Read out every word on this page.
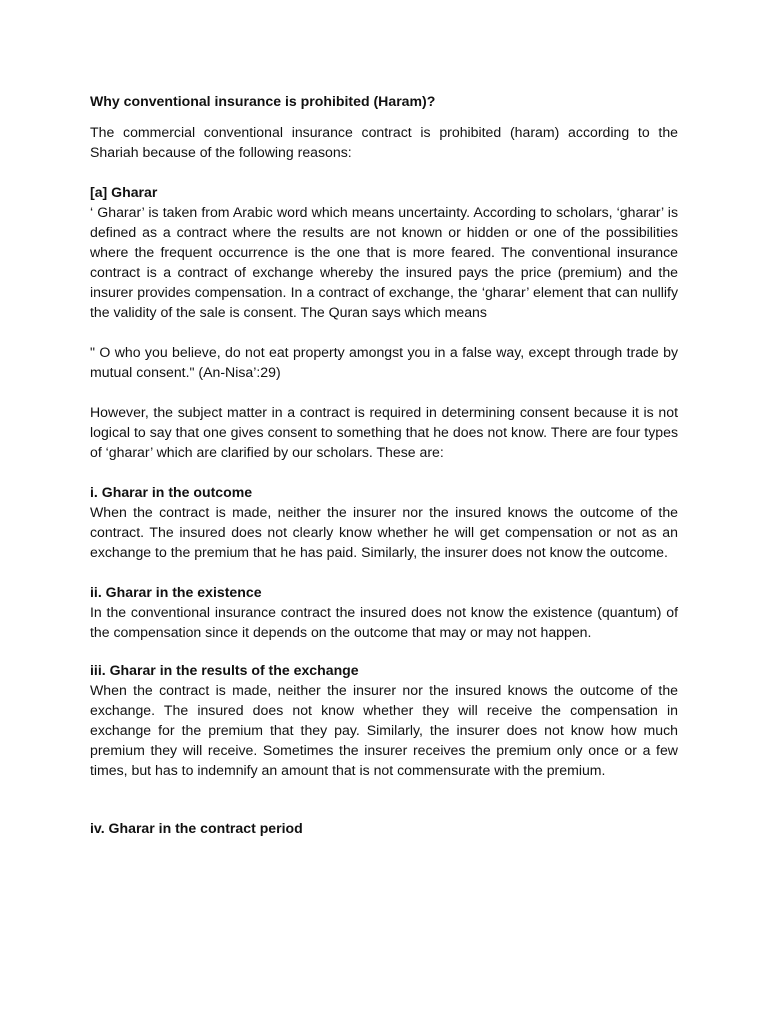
Why conventional insurance is prohibited (Haram)?

The commercial conventional insurance contract is prohibited (haram) according to the Shariah because of the following reasons:

[a] Gharar

‘ Gharar’ is taken from Arabic word which means uncertainty. According to scholars, ‘gharar’ is defined as a contract where the results are not known or hidden or one of the possibilities where the frequent occurrence is the one that is more feared. The conventional insurance contract is a contract of exchange whereby the insured pays the price (premium) and the insurer provides compensation. In a contract of exchange, the ‘gharar’ element that can nullify the validity of the sale is consent. The Quran says which means

" O who you believe, do not eat property amongst you in a false way, except through trade by mutual consent." (An-Nisa’:29)

However, the subject matter in a contract is required in determining consent because it is not logical to say that one gives consent to something that he does not know. There are four types of ‘gharar’ which are clarified by our scholars. These are:

i. Gharar in the outcome

When the contract is made, neither the insurer nor the insured knows the outcome of the contract. The insured does not clearly know whether he will get compensation or not as an exchange to the premium that he has paid. Similarly, the insurer does not know the outcome.

ii. Gharar in the existence

In the conventional insurance contract the insured does not know the existence (quantum) of the compensation since it depends on the outcome that may or may not happen.

iii. Gharar in the results of the exchange

When the contract is made, neither the insurer nor the insured knows the outcome of the exchange. The insured does not know whether they will receive the compensation in exchange for the premium that they pay. Similarly, the insurer does not know how much premium they will receive. Sometimes the insurer receives the premium only once or a few times, but has to indemnify an amount that is not commensurate with the premium.

iv. Gharar in the contract period
